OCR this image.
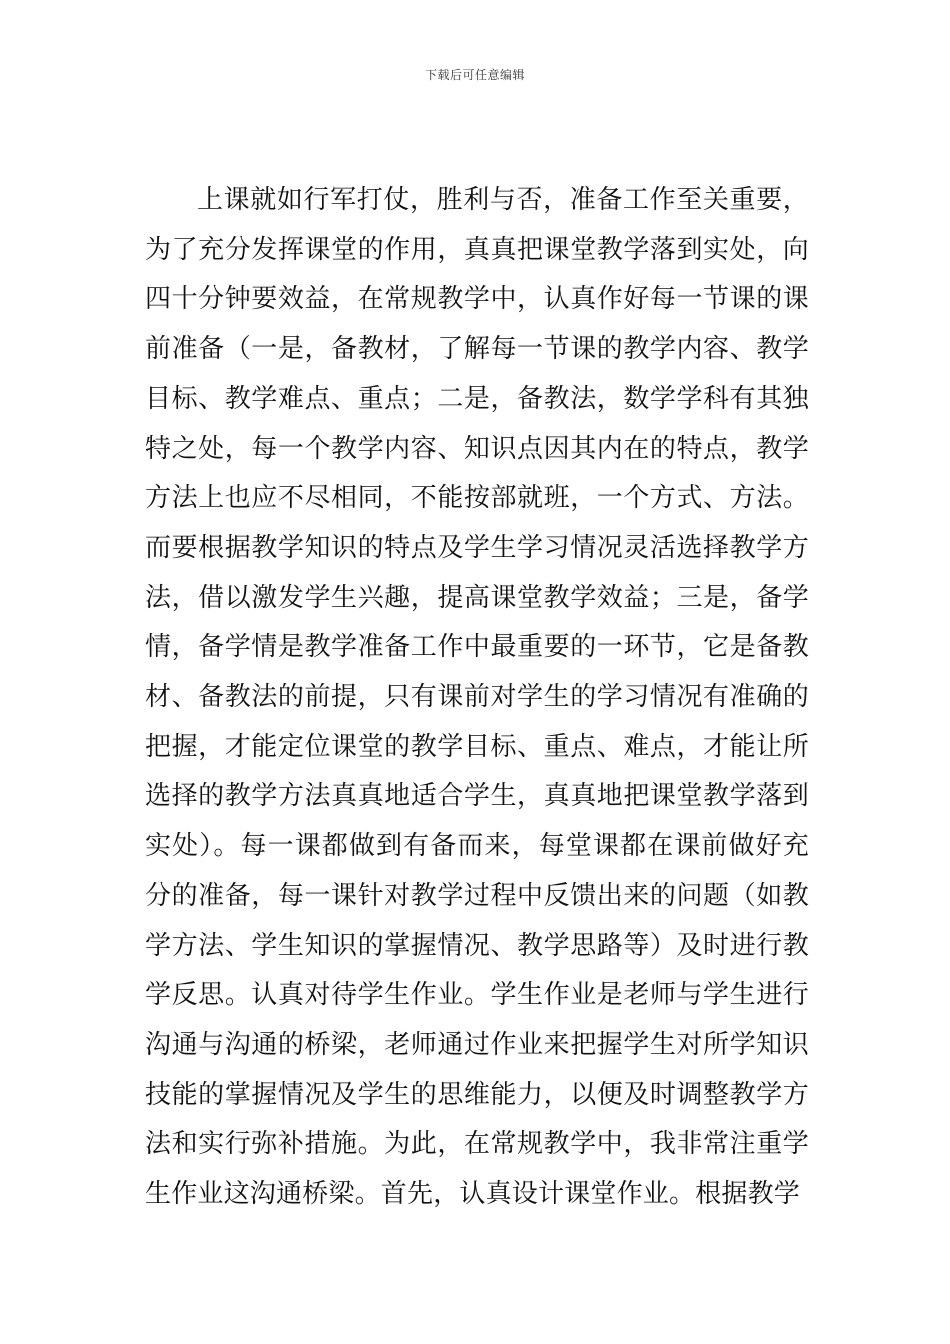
下载后可任意编辑

上课就如行军打仗，胜利与否，准备工作至关重要，为了充分发挥课堂的作用，真真把课堂教学落到实处，向四十分钟要效益，在常规教学中，认真作好每一节课的课前准备（一是，备教材，了解每一节课的教学内容、教学目标、教学难点、重点；二是，备教法，数学学科有其独特之处，每一个教学内容、知识点因其内在的特点，教学方法上也应不尽相同，不能按部就班，一个方式、方法。而要根据教学知识的特点及学生学习情况灵活选择教学方法，借以激发学生兴趣，提高课堂教学效益；三是，备学情，备学情是教学准备工作中最重要的一环节，它是备教材、备教法的前提，只有课前对学生的学习情况有准确的把握，才能定位课堂的教学目标、重点、难点，才能让所选择的教学方法真真地适合学生，真真地把课堂教学落到实处）。每一课都做到有备而来，每堂课都在课前做好充分的准备，每一课针对教学过程中反馈出来的问题（如教学方法、学生知识的掌握情况、教学思路等）及时进行教学反思。认真对待学生作业。学生作业是老师与学生进行沟通与沟通的桥梁，老师通过作业来把握学生对所学知识技能的掌握情况及学生的思维能力，以便及时调整教学方法和实行弥补措施。为此，在常规教学中，我非常注重学生作业这沟通桥梁。首先，认真设计课堂作业。根据教学
